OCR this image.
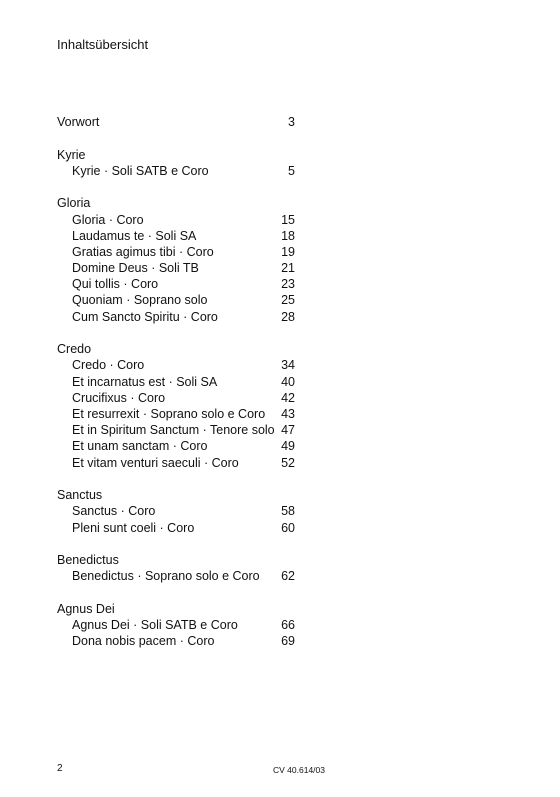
Inhaltsübersicht
Vorwort	3
Kyrie
Kyrie · Soli SATB e Coro	5
Gloria
Gloria · Coro	15
Laudamus te · Soli SA	18
Gratias agimus tibi · Coro	19
Domine Deus · Soli TB	21
Qui tollis · Coro	23
Quoniam · Soprano solo	25
Cum Sancto Spiritu · Coro	28
Credo
Credo · Coro	34
Et incarnatus est · Soli SA	40
Crucifixus · Coro	42
Et resurrexit · Soprano solo e Coro	43
Et in Spiritum Sanctum · Tenore solo 47
Et unam sanctam · Coro	49
Et vitam venturi saeculi · Coro	52
Sanctus
Sanctus · Coro	58
Pleni sunt coeli · Coro	60
Benedictus
Benedictus · Soprano solo e Coro	62
Agnus Dei
Agnus Dei · Soli SATB e Coro	66
Dona nobis pacem · Coro	69
2	CV 40.614/03
